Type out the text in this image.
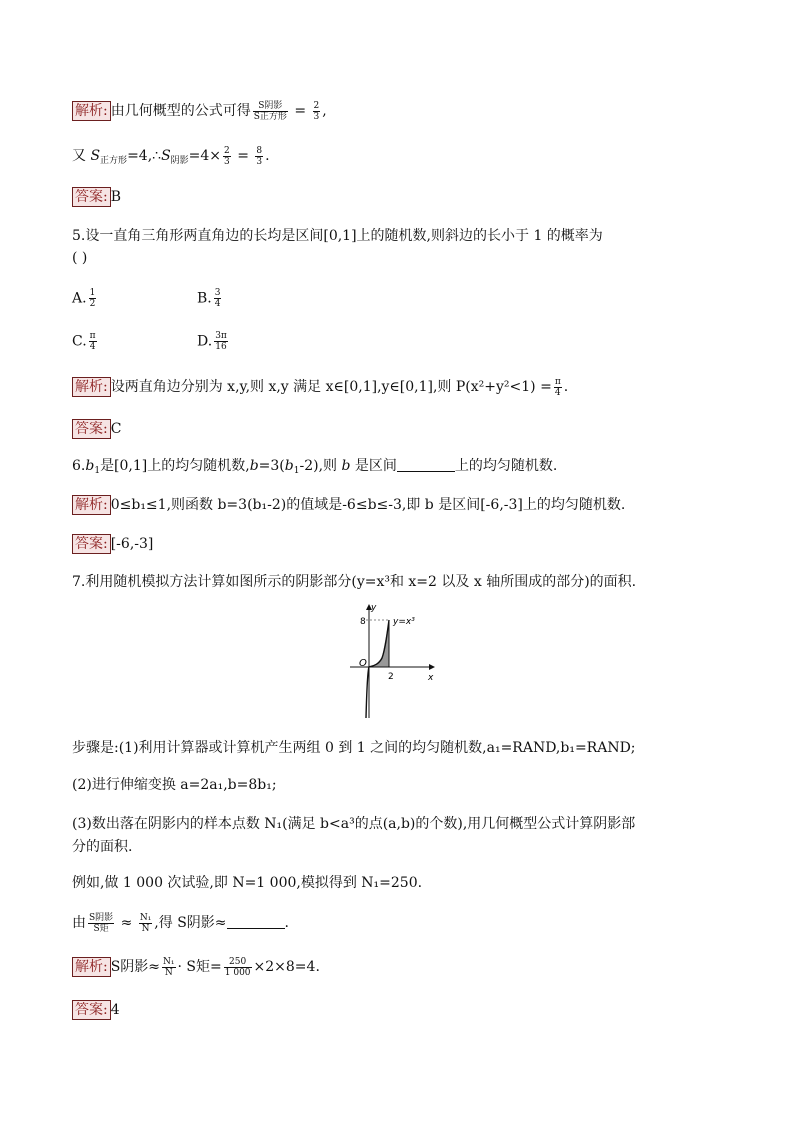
解析: 由几何概型的公式可得 $\frac{\text{S阴影}}{\text{S正方形}} = \frac{2}{3}$ ,
又 $S_{正方形}=4,\therefore S_{阴影}=4\times \frac{2}{3} = \frac{8}{3}$ .
答案: B
5.设一直角三角形两直角边的长均是区间[0,1]上的随机数,则斜边的长小于 1 的概率为
( )
A. $\frac{1}{2}$	B. $\frac{3}{4}$
C. $\frac{\pi}{4}$	D. $\frac{3\pi}{16}$
解析: 设两直角边分别为 x,y,则 x,y 满足 x∈[0,1],y∈[0,1],则 $P(x^2+y^2<1) = \frac{\pi}{4}$ .
答案: C
$6.b_1$是[0,1]上的均匀随机数$,b=3(b_1-2)$,则 b 是区间	上的均匀随机数.
解析: 0≤b₁≤1,则函数 b=3(b₁-2)的值域是-6≤b≤-3,即 b 是区间[-6,-3]上的均匀随机数.
答案: [-6,-3]
7.利用随机模拟方法计算如图所示的阴影部分(y=x³和 x=2 以及 x 轴所围成的部分)的面积.
y
8	y=x³
O
2	x
步骤是:(1)利用计算器或计算机产生两组 0 到 1 之间的均匀随机数,a₁=RAND,b₁=RAND;
(2)进行伸缩变换 a=2a₁,b=8b₁;
(3)数出落在阴影内的样本点数 N₁(满足 b<a³的点(a,b)的个数),用几何概型公式计算阴影部
分的面积.
例如,做 1 000 次试验,即 N=1 000,模拟得到 N₁=250.
由 $\frac{\text{S阴影}}{\text{S矩}} \approx \frac{\text{N₁}}{N}$ ,得 S阴影≈	.
解析: S阴影≈ $\frac{\text{N₁}}{N} \cdot S$矩= $\frac{250}{1 000} \times 2\times 8=4$.
答案: 4
